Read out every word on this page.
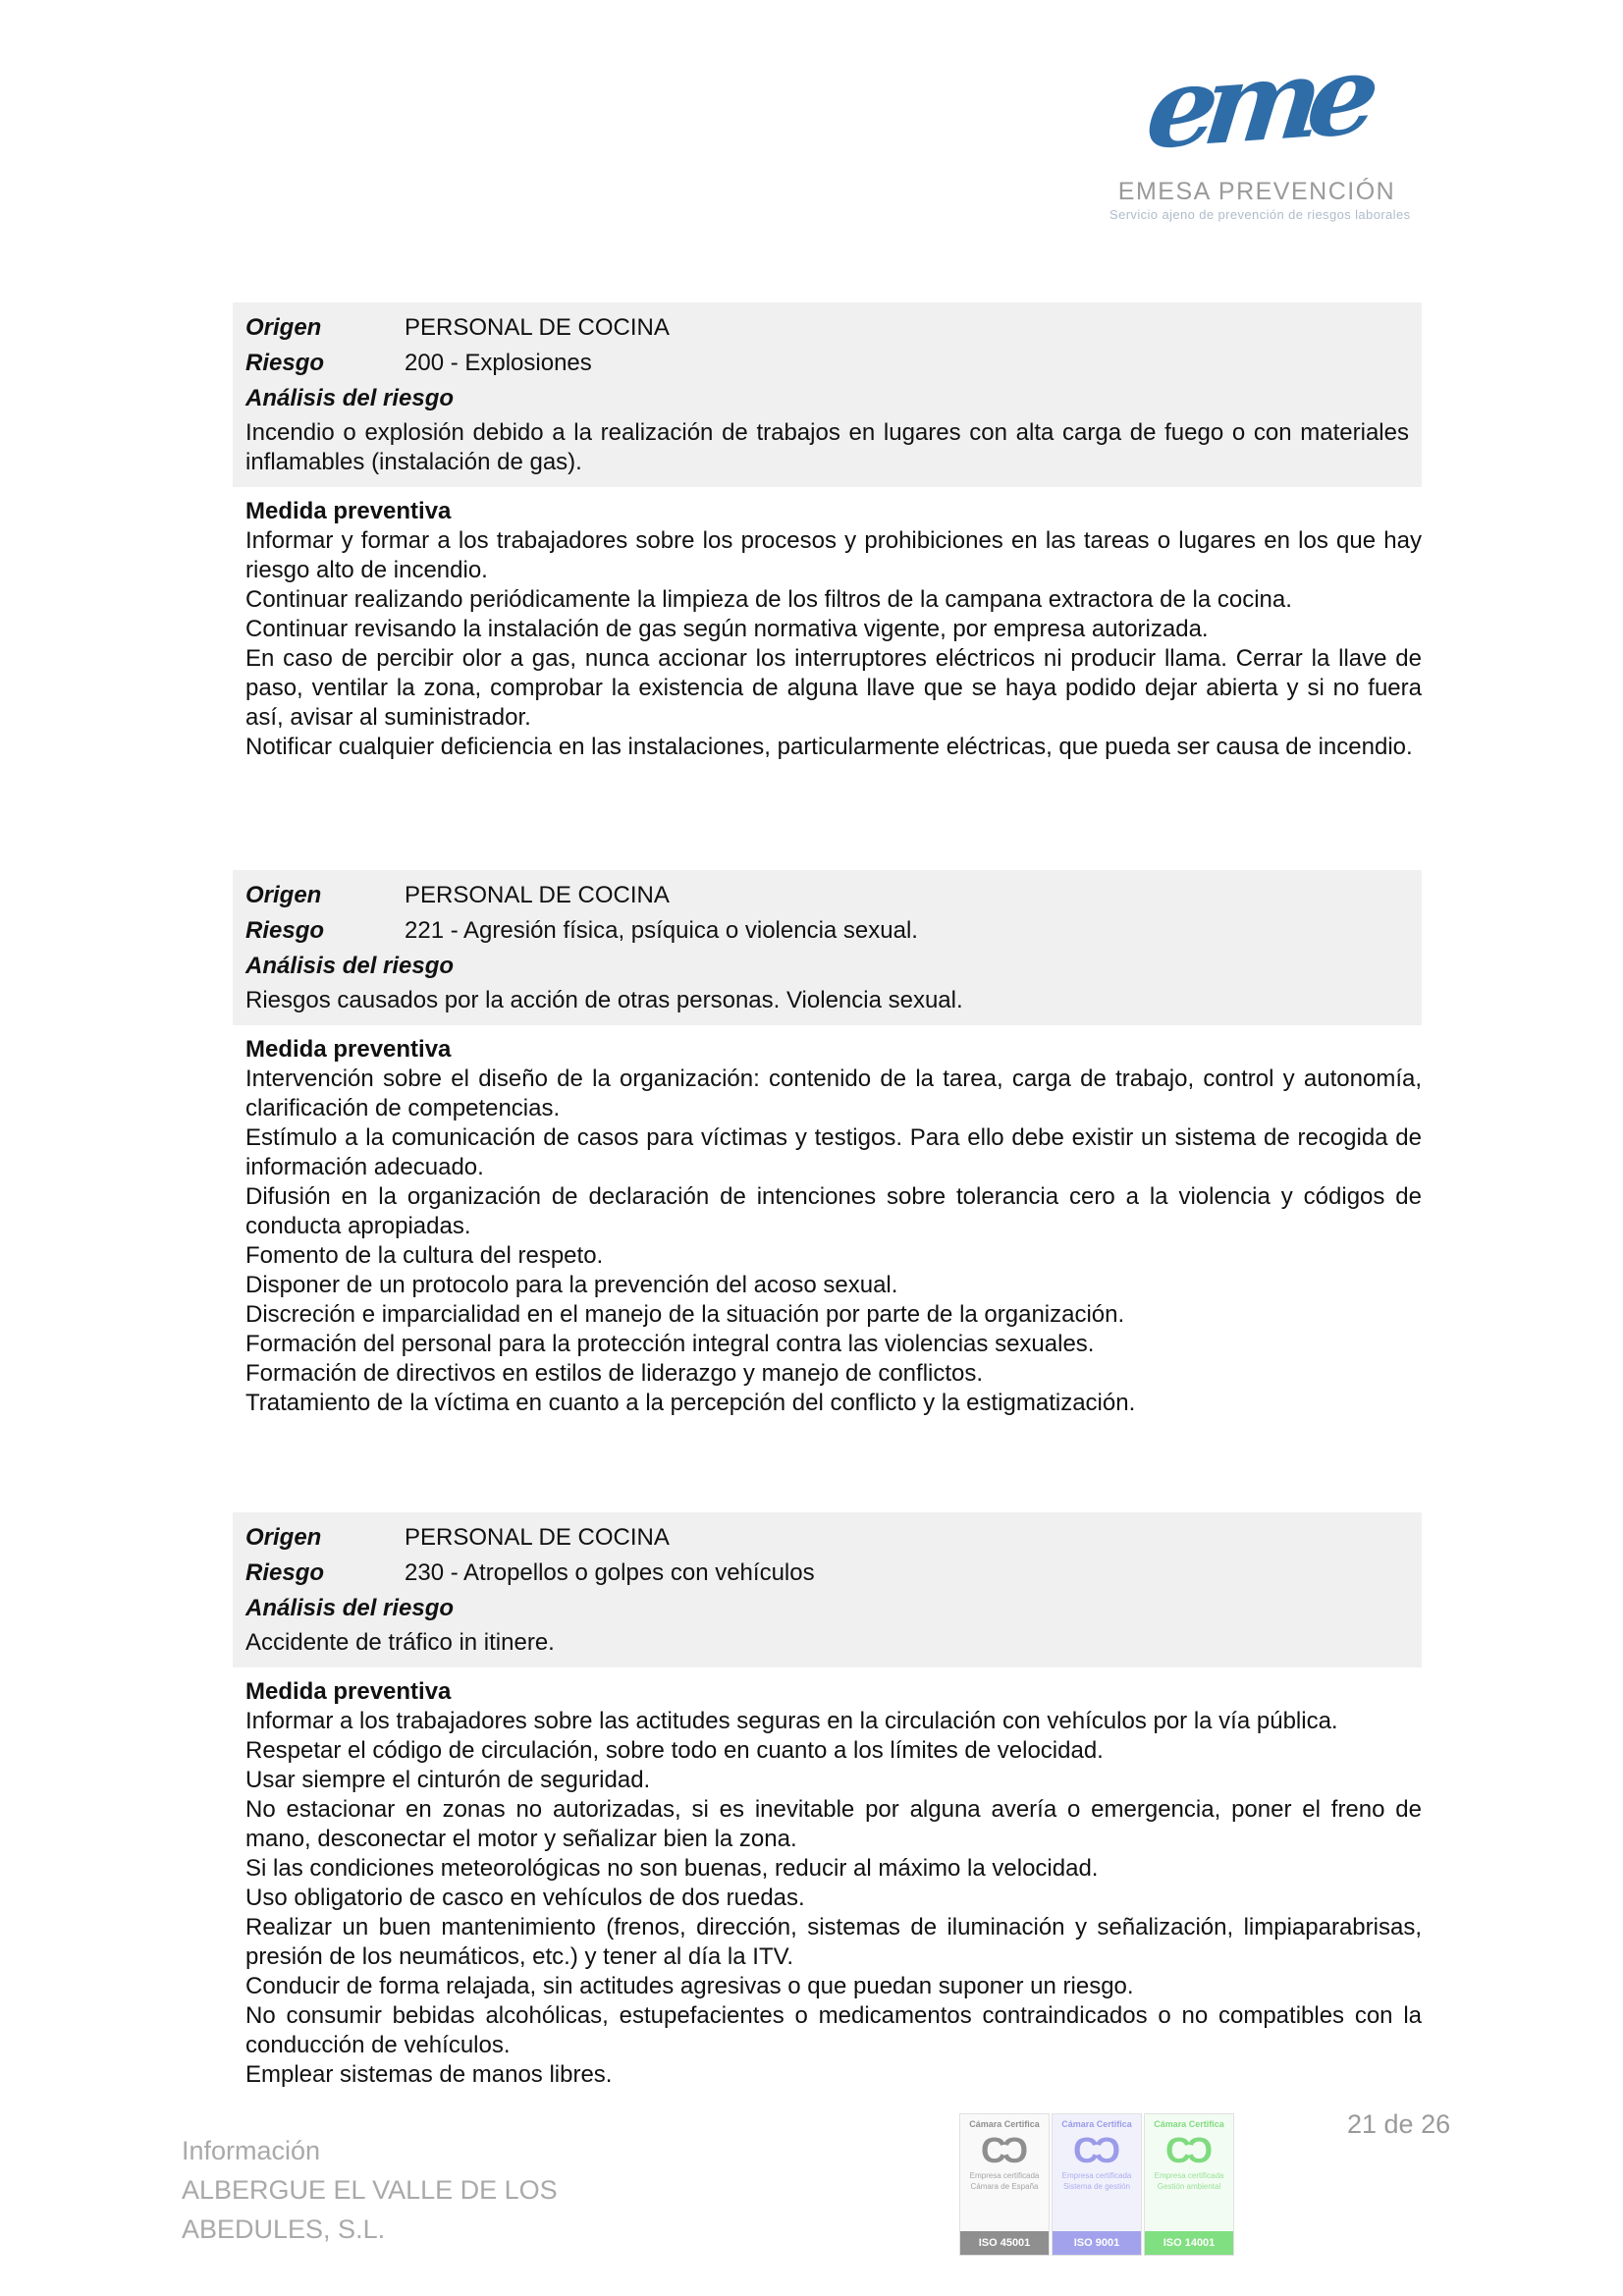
eme
EMESA PREVENCIÓN
Servicio ajeno de prevención de riesgos laborales
Origen	PERSONAL DE COCINA
Riesgo	200 - Explosiones
Análisis del riesgo

Incendio o explosión debido a la realización de trabajos en lugares con alta carga de fuego o con materiales inflamables (instalación de gas).

Medida preventiva

Informar y formar a los trabajadores sobre los procesos y prohibiciones en las tareas o lugares en los que hay riesgo alto de incendio.

Continuar realizando periódicamente la limpieza de los filtros de la campana extractora de la cocina.

Continuar revisando la instalación de gas según normativa vigente, por empresa autorizada.

En caso de percibir olor a gas, nunca accionar los interruptores eléctricos ni producir llama. Cerrar la llave de paso, ventilar la zona, comprobar la existencia de alguna llave que se haya podido dejar abierta y si no fuera así, avisar al suministrador.

Notificar cualquier deficiencia en las instalaciones, particularmente eléctricas, que pueda ser causa de incendio.

Origen	PERSONAL DE COCINA
Riesgo	221 - Agresión física, psíquica o violencia sexual.
Análisis del riesgo

Riesgos causados por la acción de otras personas. Violencia sexual.

Medida preventiva

Intervención sobre el diseño de la organización: contenido de la tarea, carga de trabajo, control y autonomía, clarificación de competencias.

Estímulo a la comunicación de casos para víctimas y testigos. Para ello debe existir un sistema de recogida de información adecuado.

Difusión en la organización de declaración de intenciones sobre tolerancia cero a la violencia y códigos de conducta apropiadas.

Fomento de la cultura del respeto.

Disponer de un protocolo para la prevención del acoso sexual.

Discreción e imparcialidad en el manejo de la situación por parte de la organización.

Formación del personal para la protección integral contra las violencias sexuales.

Formación de directivos en estilos de liderazgo y manejo de conflictos.

Tratamiento de la víctima en cuanto a la percepción del conflicto y la estigmatización.

Origen	PERSONAL DE COCINA
Riesgo	230 - Atropellos o golpes con vehículos
Análisis del riesgo

Accidente de tráfico in itinere.

Medida preventiva

Informar a los trabajadores sobre las actitudes seguras en la circulación con vehículos por la vía pública.

Respetar el código de circulación, sobre todo en cuanto a los límites de velocidad.

Usar siempre el cinturón de seguridad.

No estacionar en zonas no autorizadas, si es inevitable por alguna avería o emergencia, poner el freno de mano, desconectar el motor y señalizar bien la zona.

Si las condiciones meteorológicas no son buenas, reducir al máximo la velocidad.

Uso obligatorio de casco en vehículos de dos ruedas.

Realizar un buen mantenimiento (frenos, dirección, sistemas de iluminación y señalización, limpiaparabrisas, presión de los neumáticos, etc.) y tener al día la ITV.

Conducir de forma relajada, sin actitudes agresivas o que puedan suponer un riesgo.

No consumir bebidas alcohólicas, estupefacientes o medicamentos contraindicados o no compatibles con la conducción de vehículos.

Emplear sistemas de manos libres.

Información
ALBERGUE EL VALLE DE LOS
ABEDULES, S.L.
Cámara Certifica
C C
Empresa certificada
Cámara de España
ISO 45001
Cámara Certifica
C C
Empresa certificada
Sistema de gestión
ISO 9001
Cámara Certifica
C C
Empresa certificada
Gestión ambiental
ISO 14001
21 de 26
